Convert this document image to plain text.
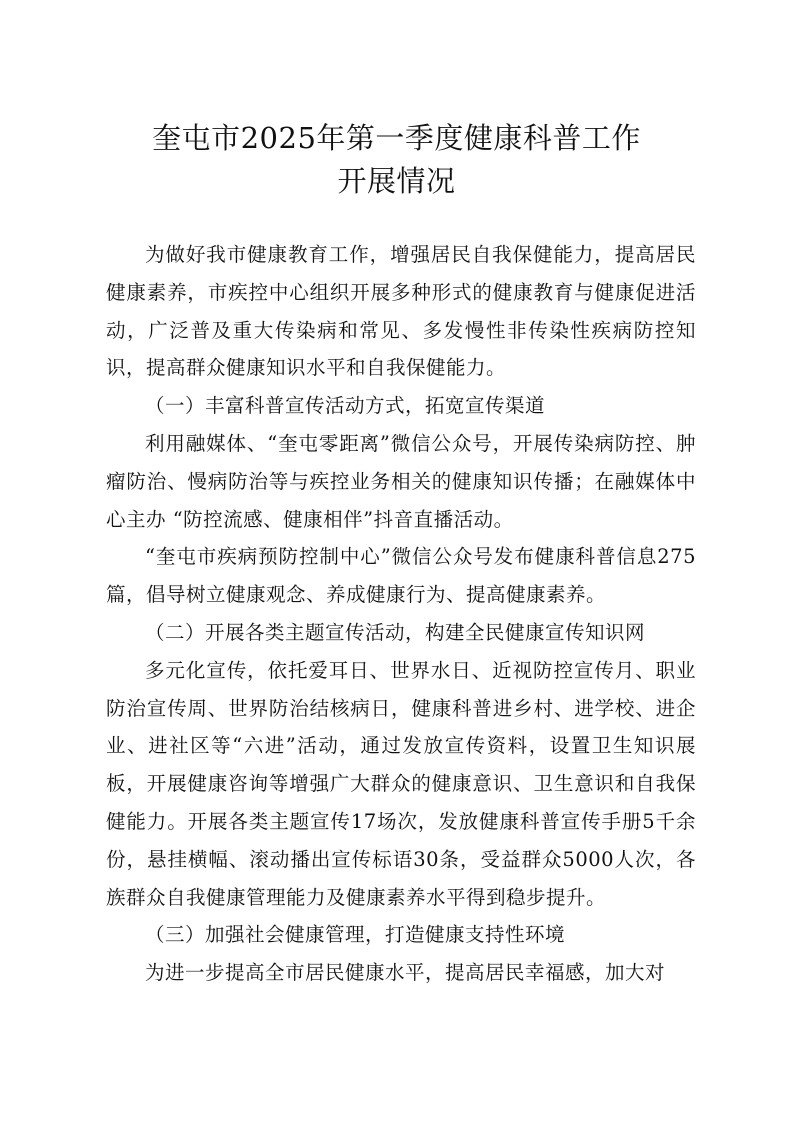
奎屯市2025年第一季度健康科普工作
开展情况

为做好我市健康教育工作，增强居民自我保健能力，提高居民健康素养，市疾控中心组织开展多种形式的健康教育与健康促进活动，广泛普及重大传染病和常见、多发慢性非传染性疾病防控知识，提高群众健康知识水平和自我保健能力。

（一）丰富科普宣传活动方式，拓宽宣传渠道

利用融媒体、“奎屯零距离”微信公众号，开展传染病防控、肿瘤防治、慢病防治等与疾控业务相关的健康知识传播；在融媒体中心主办 “防控流感、健康相伴”抖音直播活动。

“奎屯市疾病预防控制中心”微信公众号发布健康科普信息275篇，倡导树立健康观念、养成健康行为、提高健康素养。

（二）开展各类主题宣传活动，构建全民健康宣传知识网

多元化宣传，依托爱耳日、世界水日、近视防控宣传月、职业防治宣传周、世界防治结核病日，健康科普进乡村、进学校、进企业、进社区等“六进”活动，通过发放宣传资料，设置卫生知识展板，开展健康咨询等增强广大群众的健康意识、卫生意识和自我保健能力。开展各类主题宣传17场次，发放健康科普宣传手册5千余份，悬挂横幅、滚动播出宣传标语30条，受益群众5000人次，各族群众自我健康管理能力及健康素养水平得到稳步提升。

（三）加强社会健康管理，打造健康支持性环境

为进一步提高全市居民健康水平，提高居民幸福感，加大对
